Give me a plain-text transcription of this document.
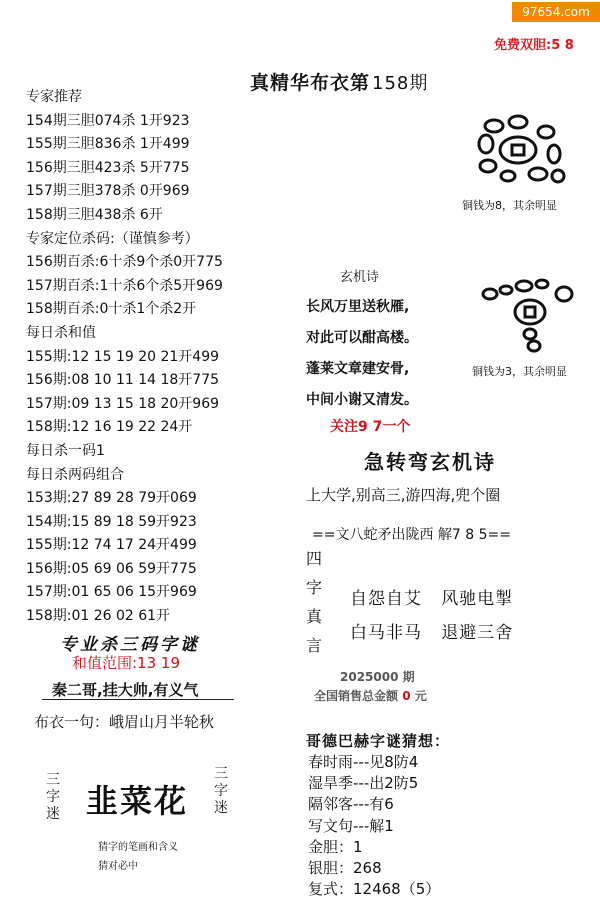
97654.com
免费双胆:5 8
真精华布衣第 158期
专家推荐
154期三胆074杀 1开923
155期三胆836杀 1开499
156期三胆423杀 5开775
157期三胆378杀 0开969
158期三胆438杀 6开
专家定位杀码:（谨慎参考）
156期百杀:6十杀9个杀0开775
157期百杀:1十杀6个杀5开969
158期百杀:0十杀1个杀2开
每日杀和值
155期:12 15 19 20 21开499
156期:08 10 11 14 18开775
157期:09 13 15 18 20开969
158期:12 16 19 22 24开
每日杀一码1
每日杀两码组合
153期:27 89 28 79开069
154期:15 89 18 59开923
155期:12 74 17 24开499
156期:05 69 06 59开775
157期:01 65 06 15开969
158期:01 26 02 61开
专业杀三码字谜
和值范围:13 19
秦二哥,挂大帅,有义气
布衣一句：峨眉山月半轮秋
三
字
迷 韭菜花
三
字
迷
猜字的笔画和含义
猜对必中
铜钱为8，其余明显
铜钱为3，其余明显
玄机诗
长风万里送秋雁,
对此可以酣高楼。
蓬莱文章建安骨,
中间小谢又清发。
关注9 7一个
急转弯玄机诗
上大学,别高三,游四海,兜个圈
==文八蛇矛出陇西 解7 8 5==
四
字
真
言
自怨自艾   风驰电掣
白马非马   退避三舍
2025000 期
全国销售总金额 0 元
哥德巴赫字谜猜想：
春时雨---见8防4
湿旱季---出2防5
隔邻客---有6
写文句---解1
金胆：1
银胆：268
复式：12468（5）
